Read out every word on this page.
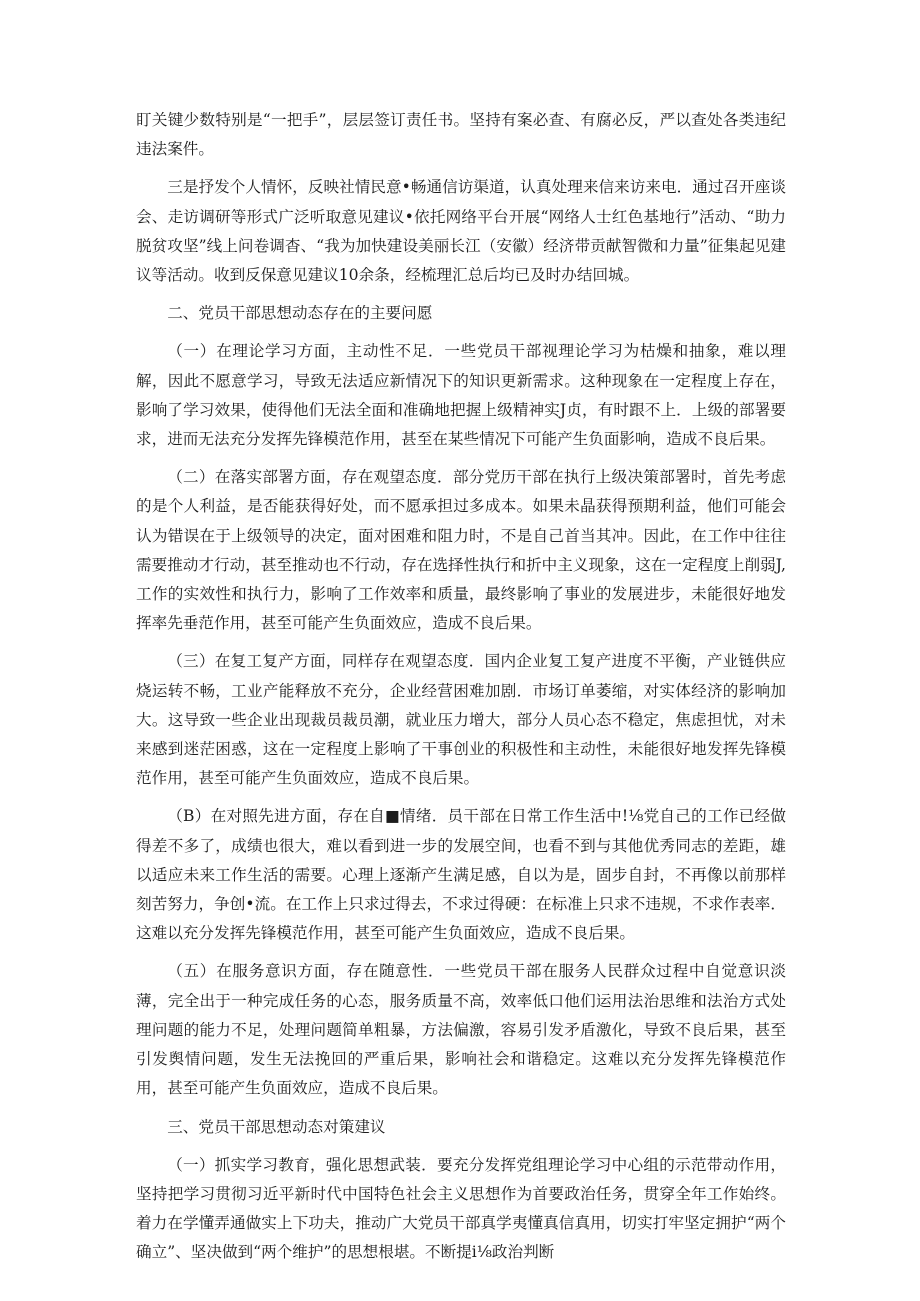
盯关键少数特别是“一把手”，层层签订责任书。坚持有案必查、有腐必反，严以查处各类违纪违法案件。

三是抒发个人情怀，反映社情民意•畅通信访渠道，认真处理来信来访来电．通过召开座谈会、走访调研等形式广泛听取意见建议•依托网络平台开展“网络人士红色基地行”活动、“助力脱贫攻坚”线上问卷调杳、“我为加快建设美丽长江（安徽）经济带贡献智微和力量”征集起见建议等活动。收到反保意见建议10余条，经梳理汇总后均已及时办结回城。

二、党员干部思想动态存在的主要问愿

（一）在理论学习方面，主动性不足．一些党员干部视理论学习为枯燥和抽象，难以理解，因此不愿意学习，导致无法适应新情况下的知识更新需求。这种现象在一定程度上存在，影响了学习效果，使得他们无法全面和准确地把握上级精神实J贞，有时跟不上．上级的部署要求，进而无法充分发挥先锋模范作用，甚至在某些情况下可能产生负面影响，造成不良后果。

（二）在落实部署方面，存在观望态度．部分党历干部在执行上级决策部署时，首先考虑的是个人利益，是否能获得好处，而不愿承担过多成本。如果未晶获得预期利益，他们可能会认为错误在于上级领导的决定，面对困难和阻力时，不是自己首当其冲。因此，在工作中往往需要推动才行动，甚至推动也不行动，存在选择性执行和折中主义现象，这在一定程度上削弱J,工作的实效性和执行力，影响了工作效率和质量，最终影响了事业的发展进步，未能很好地发挥率先垂范作用，甚至可能产生负面效应，造成不良后果。

（三）在复工复产方面，同样存在观望态度．国内企业复工复产进度不平衡，产业链供应烧运转不畅，工业产能释放不充分，企业经营困难加剧．市场订单萎缩，对实体经济的影响加大。这导致一些企业出现裁员裁员潮，就业压力增大，部分人员心态不稳定，焦虑担忧，对未来感到迷茫困惑，这在一定程度上影响了干事创业的积极性和主动性，未能很好地发挥先锋模范作用，甚至可能产生负面效应，造成不良后果。

（B）在对照先进方面，存在自■情绪．员干部在日常工作生活中!⅛党自己的工作已经做得差不多了，成绩也很大，难以看到进一步的发展空间，也看不到与其他优秀同志的差距，雄以适应未来工作生活的需要。心理上逐渐产生满足感，自以为是，固步自封，不再像以前那样刻苦努力，争创•流。在工作上只求过得去，不求过得硬：在标准上只求不违规，不求作表率．这难以充分发挥先锋模范作用，甚至可能产生负面效应，造成不良后果。

（五）在服务意识方面，存在随意性．一些党员干部在服务人民群众过程中自觉意识淡薄，完全出于一种完成任务的心态，服务质量不高，效率低口他们运用法治思维和法治方式处理问题的能力不足，处理问题简单粗暴，方法偏激，容易引发矛盾激化，导致不良后果，甚至引发舆情问题，发生无法挽回的严重后果，影响社会和谐稳定。这难以充分发挥先锋模范作用，甚至可能产生负面效应，造成不良后果。

三、党员干部思想动态对策建议

（一）抓实学习教育，强化思想武装．要充分发挥党组理论学习中心组的示范带动作用，坚持把学习贯彻习近平新时代中国特色社会主义思想作为首要政治任务，贯穿全年工作始终。着力在学懂弄通做实上下功夫，推动广大党员干部真学夷懂真信真用，切实打牢坚定拥护“两个确立”、坚决做到“两个维护”的思想根堪。不断提i⅛政治判断
